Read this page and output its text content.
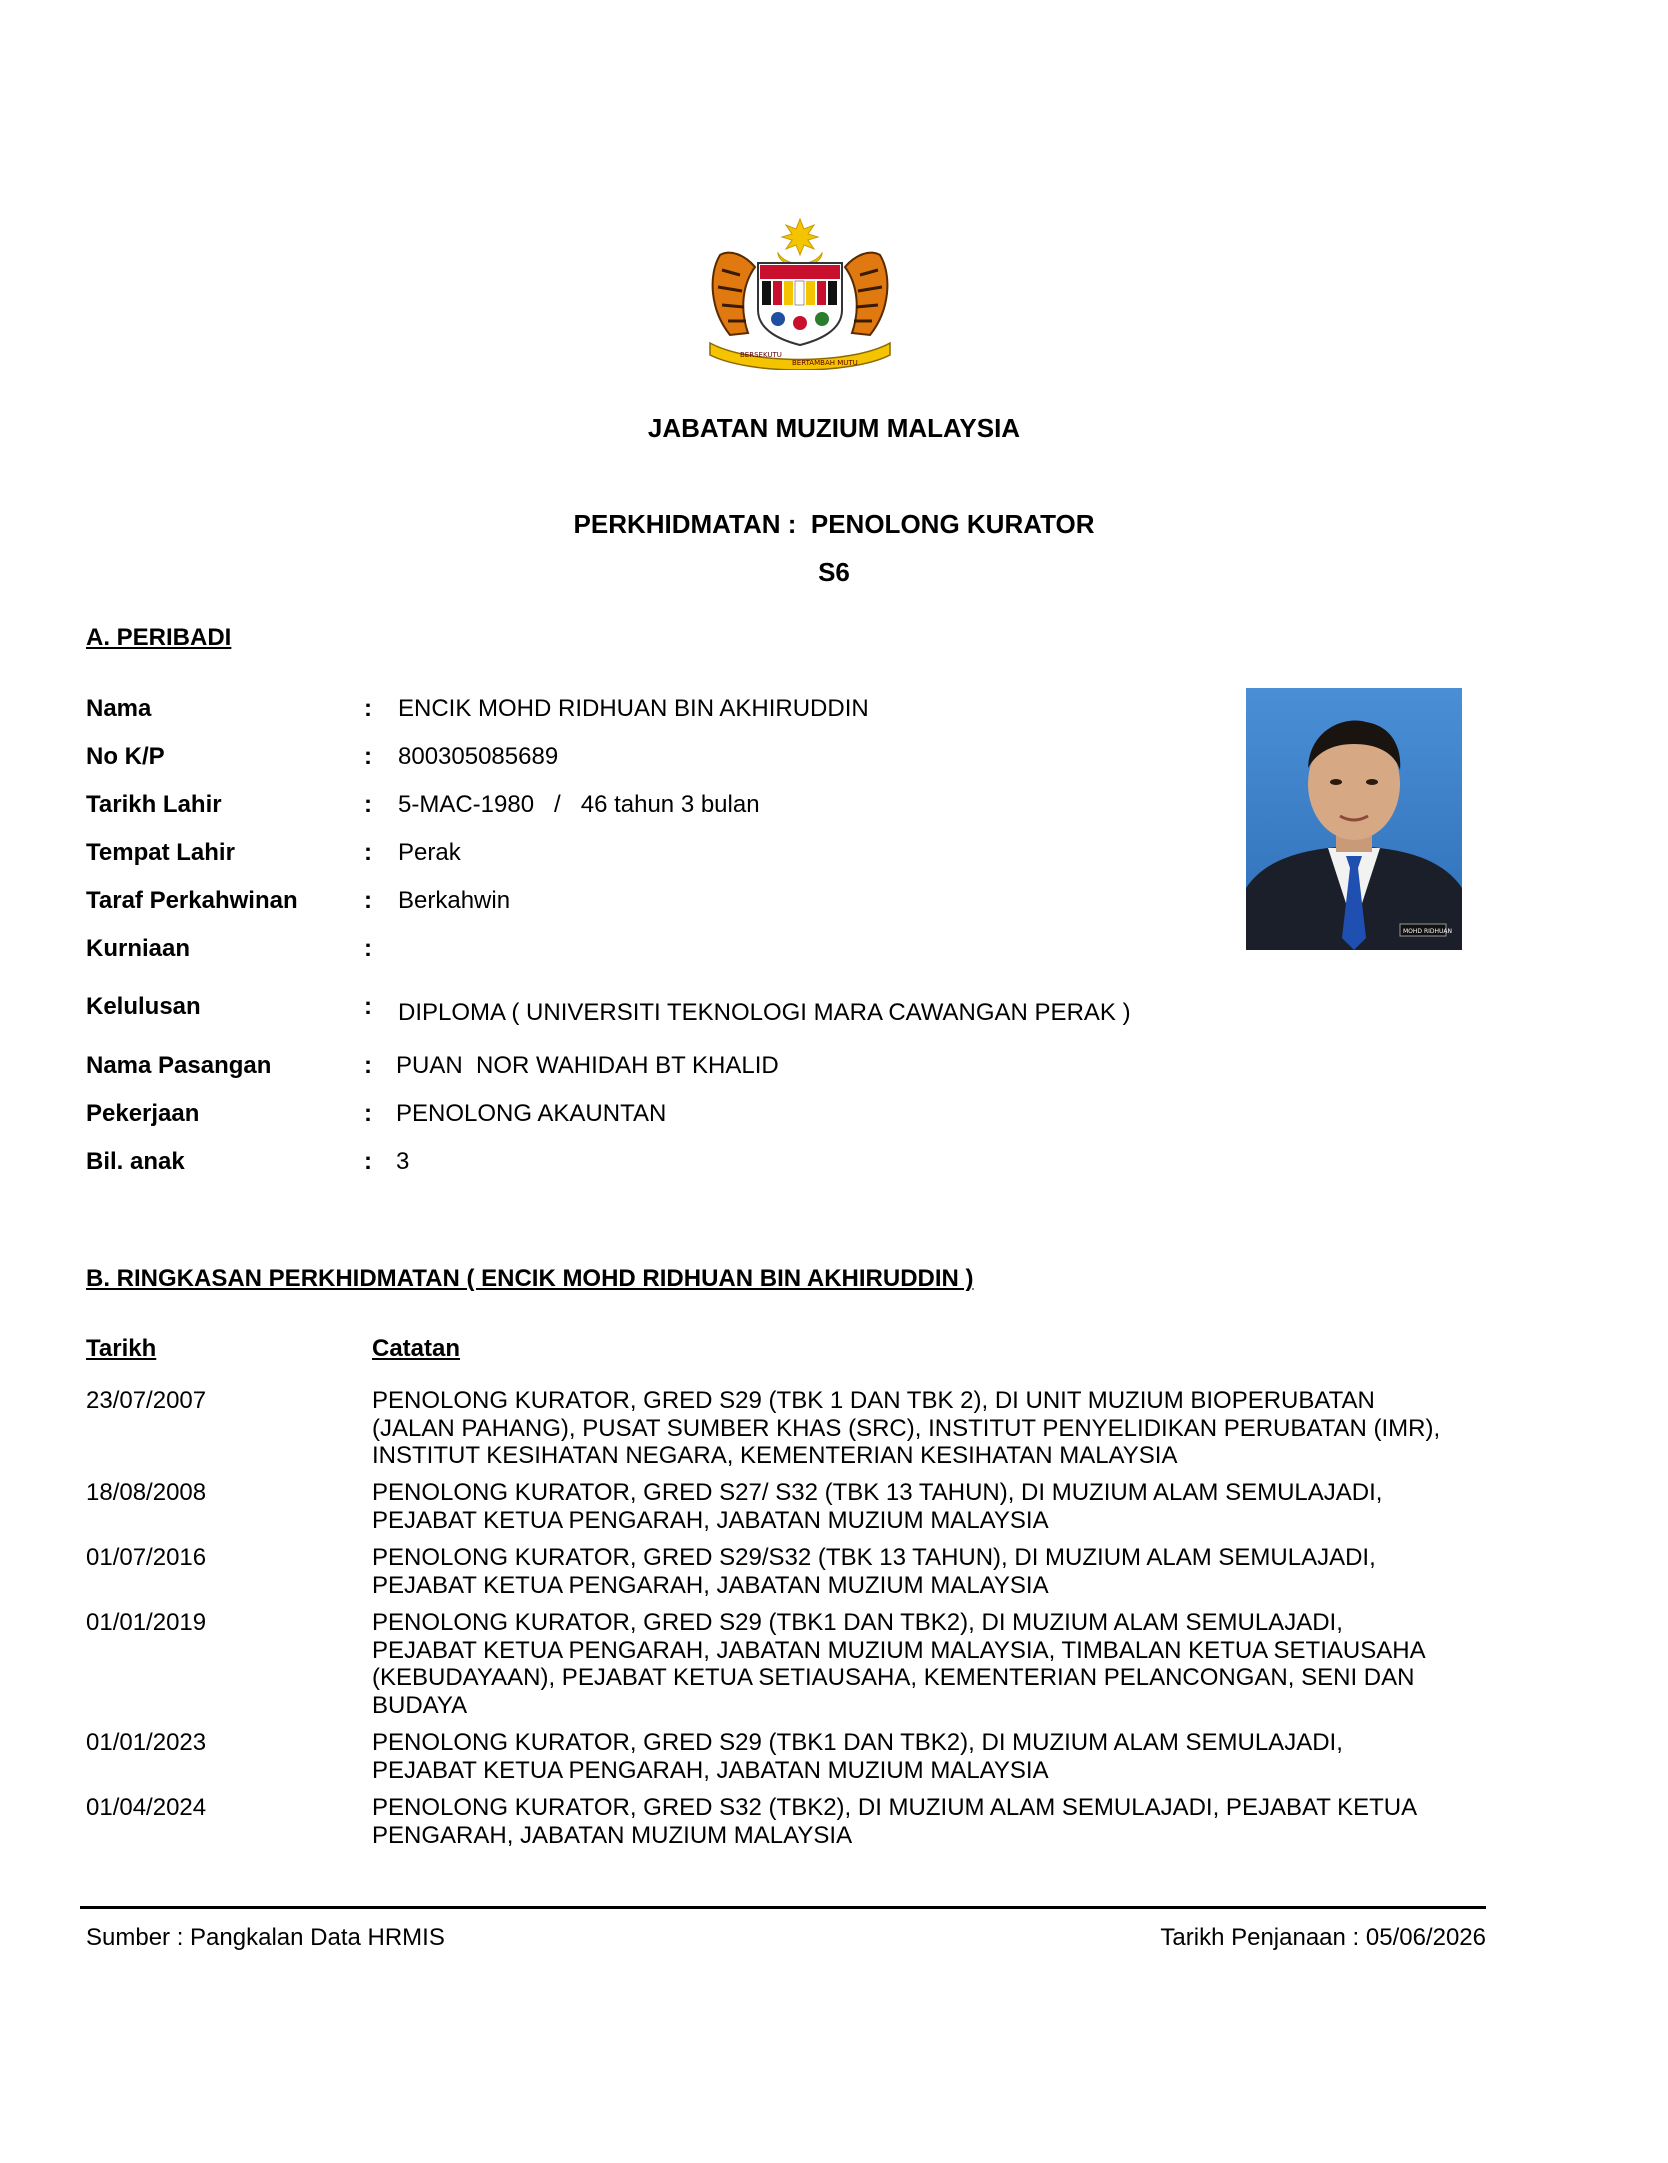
BERSEKUTU
BERTAMBAH MUTU
JABATAN MUZIUM MALAYSIA
PERKHIDMATAN : PENOLONG KURATOR
S6
A. PERIBADI
Nama	: ENCIK MOHD RIDHUAN BIN AKHIRUDDIN
No K/P	: 800305085689
Tarikh Lahir	: 5-MAC-1980   /   46 tahun 3 bulan
Tempat Lahir	: Perak
Taraf Perkahwinan	: Berkahwin
Kurniaan	:
Kelulusan	: DIPLOMA ( UNIVERSITI TEKNOLOGI MARA CAWANGAN PERAK )
Nama Pasangan	: PUAN  NOR WAHIDAH BT KHALID
Pekerjaan	: PENOLONG AKAUNTAN
Bil. anak	: 3
MOHD RIDHUAN
B. RINGKASAN PERKHIDMATAN ( ENCIK MOHD RIDHUAN BIN AKHIRUDDIN )
Tarikh	Catatan
23/07/2007	PENOLONG KURATOR, GRED S29 (TBK 1 DAN TBK 2), DI UNIT MUZIUM BIOPERUBATAN
(JALAN PAHANG), PUSAT SUMBER KHAS (SRC), INSTITUT PENYELIDIKAN PERUBATAN (IMR),
INSTITUT KESIHATAN NEGARA, KEMENTERIAN KESIHATAN MALAYSIA
18/08/2008	PENOLONG KURATOR, GRED S27/ S32 (TBK 13 TAHUN), DI MUZIUM ALAM SEMULAJADI,
PEJABAT KETUA PENGARAH, JABATAN MUZIUM MALAYSIA
01/07/2016	PENOLONG KURATOR, GRED S29/S32 (TBK 13 TAHUN), DI MUZIUM ALAM SEMULAJADI,
PEJABAT KETUA PENGARAH, JABATAN MUZIUM MALAYSIA
01/01/2019	PENOLONG KURATOR, GRED S29 (TBK1 DAN TBK2), DI MUZIUM ALAM SEMULAJADI,
PEJABAT KETUA PENGARAH, JABATAN MUZIUM MALAYSIA, TIMBALAN KETUA SETIAUSAHA
(KEBUDAYAAN), PEJABAT KETUA SETIAUSAHA, KEMENTERIAN PELANCONGAN, SENI DAN
BUDAYA
01/01/2023	PENOLONG KURATOR, GRED S29 (TBK1 DAN TBK2), DI MUZIUM ALAM SEMULAJADI,
PEJABAT KETUA PENGARAH, JABATAN MUZIUM MALAYSIA
01/04/2024	PENOLONG KURATOR, GRED S32 (TBK2), DI MUZIUM ALAM SEMULAJADI, PEJABAT KETUA
PENGARAH, JABATAN MUZIUM MALAYSIA
Sumber : Pangkalan Data HRMIS	Tarikh Penjanaan : 05/06/2026
